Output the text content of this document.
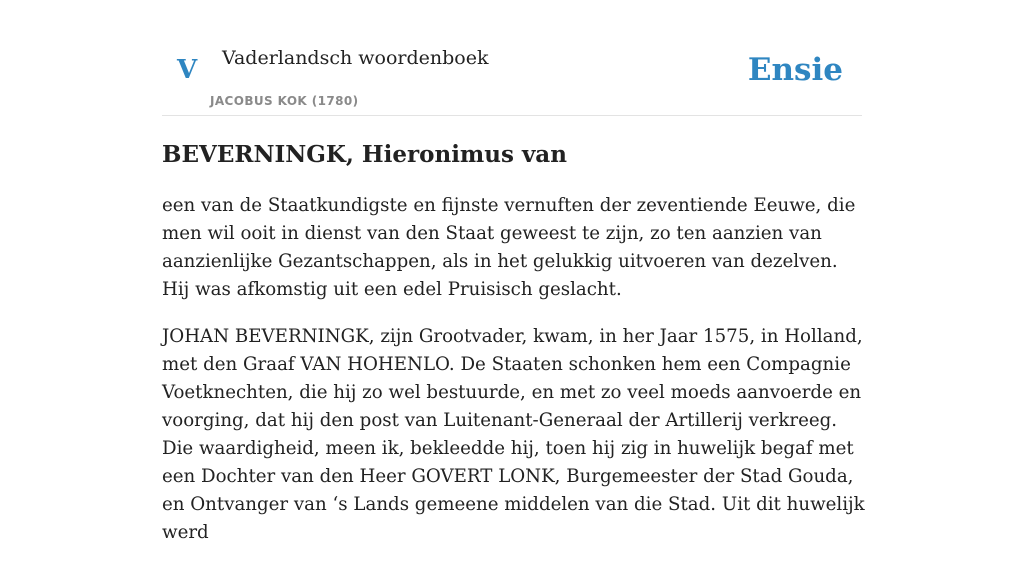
V Vaderlandsch woordenboek
JACOBUS KOK (1780)
Ensie
BEVERNINGK, Hieronimus van

een van de Staatkundigste en fijnste vernuften der zeventiende Eeuwe, die men wil ooit in dienst van den Staat geweest te zijn, zo ten aanzien van aanzienlijke Gezantschappen, als in het gelukkig uitvoeren van dezelven. Hij was afkomstig uit een edel Pruisisch geslacht.

JOHAN BEVERNINGK, zijn Grootvader, kwam, in her Jaar 1575, in Holland, met den Graaf VAN HOHENLO. De Staaten schonken hem een Compagnie Voetknechten, die hij zo wel bestuurde, en met zo veel moeds aanvoerde en voorging, dat hij den post van Luitenant-Generaal der Artillerij verkreeg. Die waardigheid, meen ik, bekleedde hij, toen hij zig in huwelijk begaf met een Dochter van den Heer GOVERT LONK, Burgemeester der Stad Gouda, en Ontvanger van ‘s Lands gemeene middelen van die Stad. Uit dit huwelijk werd
